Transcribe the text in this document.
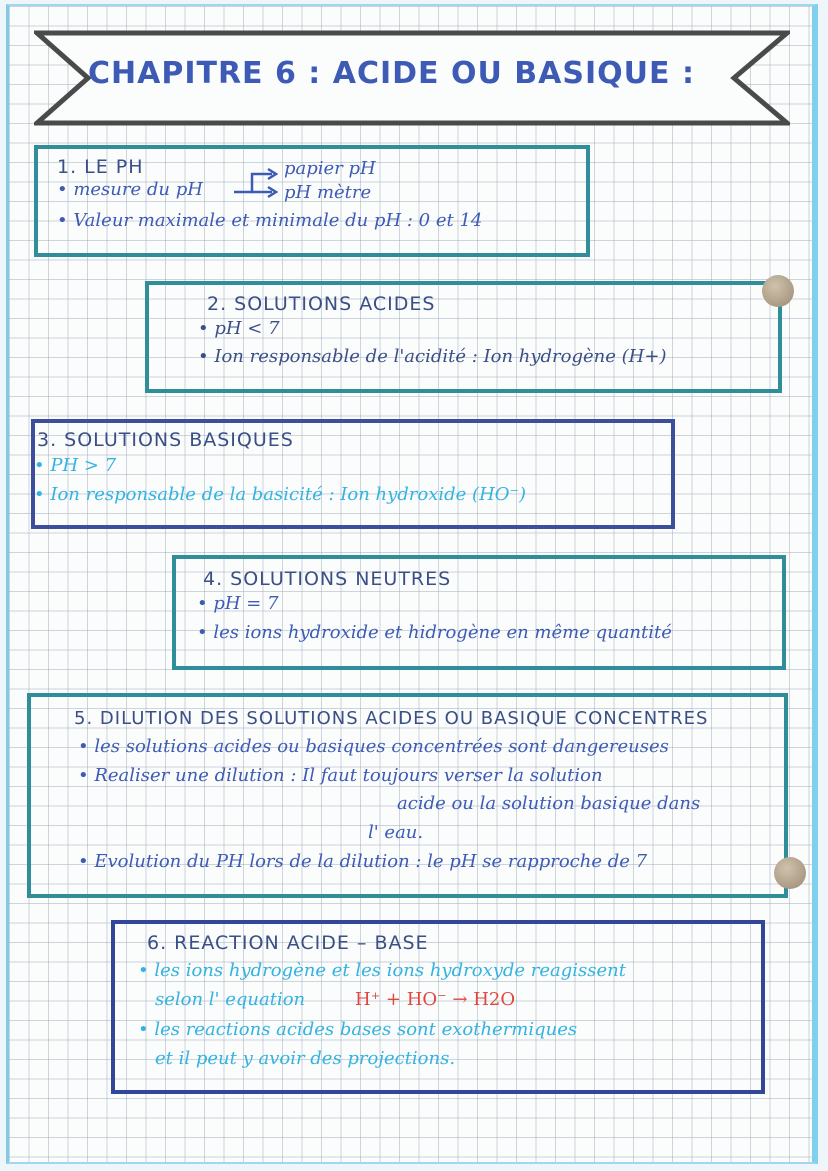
CHAPITRE 6 : ACIDE OU BASIQUE :
1. LE PH
• mesure du pH
• Valeur maximale et minimale du pH : 0 et 14
papier pH
pH mètre
2. SOLUTIONS ACIDES
• pH < 7
• Ion responsable de l'acidité : Ion hydrogène (H+)
3. SOLUTIONS BASIQUES
• PH > 7
• Ion responsable de la basicité : Ion hydroxide (HO⁻)
4. SOLUTIONS NEUTRES
• pH = 7
• les ions hydroxide et hidrogène en même quantité
5. DILUTION DES SOLUTIONS ACIDES OU BASIQUE CONCENTRES
• les solutions acides ou basiques concentrées sont dangereuses
• Realiser une dilution : Il faut toujours verser la solution
acide ou la solution basique dans
l' eau.
• Evolution du PH lors de la dilution : le pH se rapproche de 7
6. REACTION ACIDE – BASE
• les ions hydrogène et les ions hydroxyde reagissent
selon l' equation	H⁺ + HO⁻ → H2O
• les reactions acides bases sont exothermiques
et il peut y avoir des projections.
